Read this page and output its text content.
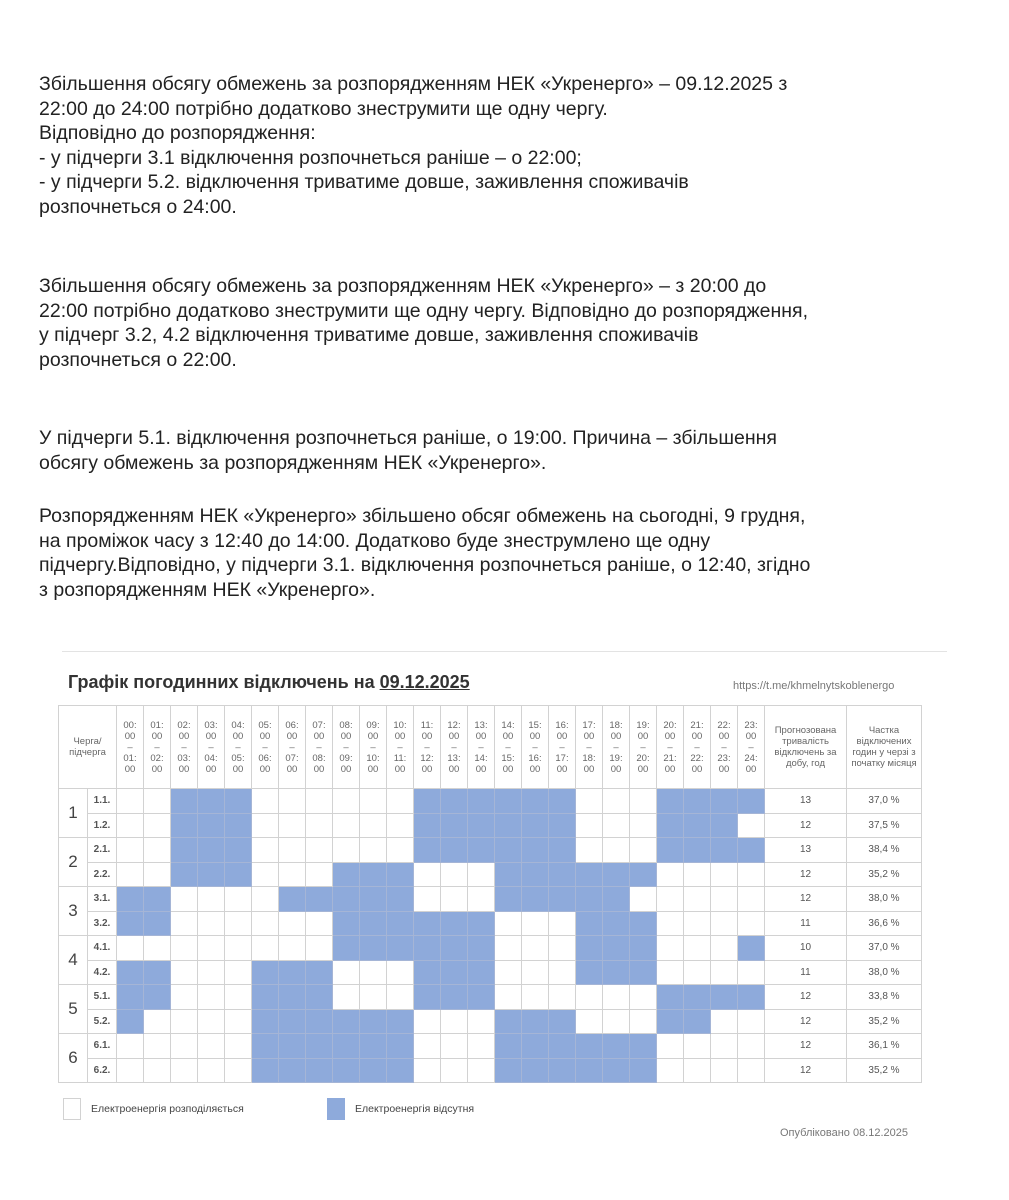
Збільшення обсягу обмежень за розпорядженням НЕК «Укренерго» – 09.12.2025 з

22:00 до 24:00 потрібно додатково знеструмити ще одну чергу.

Відповідно до розпорядження:

- у підчерги 3.1 відключення розпочнеться раніше – о 22:00;

- у підчерги 5.2. відключення триватиме довше, заживлення споживачів

розпочнеться о 24:00.

Збільшення обсягу обмежень за розпорядженням НЕК «Укренерго» – з 20:00 до

22:00 потрібно додатково знеструмити ще одну чергу. Відповідно до розпорядження,

у підчерг 3.2, 4.2 відключення триватиме довше, заживлення споживачів

розпочнеться о 22:00.

У підчерги 5.1. відключення розпочнеться раніше, о 19:00. Причина – збільшення

обсягу обмежень за розпорядженням НЕК «Укренерго».

Розпорядженням НЕК «Укренерго» збільшено обсяг обмежень на сьогодні, 9 грудня,

на проміжок часу з 12:40 до 14:00. Додатково буде знеструмлено ще одну

підчергу.Відповідно, у підчерги 3.1. відключення розпочнеться раніше, о 12:40, згідно

з розпорядженням НЕК «Укренерго».

Графік погодинних відключень на 09.12.2025	https://t.me/khmelnytskoblenergo
Черга/
підчерга		00:
00
–
01:
00	01:
00
–
02:
00	02:
00
–
03:
00	03:
00
–
04:
00	04:
00
–
05:
00	05:
00
–
06:
00	06:
00
–
07:
00	07:
00
–
08:
00	08:
00
–
09:
00	09:
00
–
10:
00	10:
00
–
11:
00	11:
00
–
12:
00	12:
00
–
13:
00	13:
00
–
14:
00	14:
00
–
15:
00	15:
00
–
16:
00	16:
00
–
17:
00	17:
00
–
18:
00	18:
00
–
19:
00	19:
00
–
20:
00	20:
00
–
21:
00	21:
00
–
22:
00	22:
00
–
23:
00	23:
00
–
24:
00	Прогнозована тривалість відключень за добу, год	Частка відключених годин у черзі з початку місяця
1	1.1.																									13	37,0 %
	1.2.																									12	37,5 %
2	2.1.																									13	38,4 %
	2.2.																									12	35,2 %
3	3.1.																									12	38,0 %
	3.2.																									11	36,6 %
4	4.1.																									10	37,0 %
	4.2.																									11	38,0 %
5	5.1.																									12	33,8 %
	5.2.																									12	35,2 %
6	6.1.																									12	36,1 %
	6.2.																									12	35,2 %
Електроенергія розподіляється	Електроенергія відсутня
Опубліковано 08.12.2025
